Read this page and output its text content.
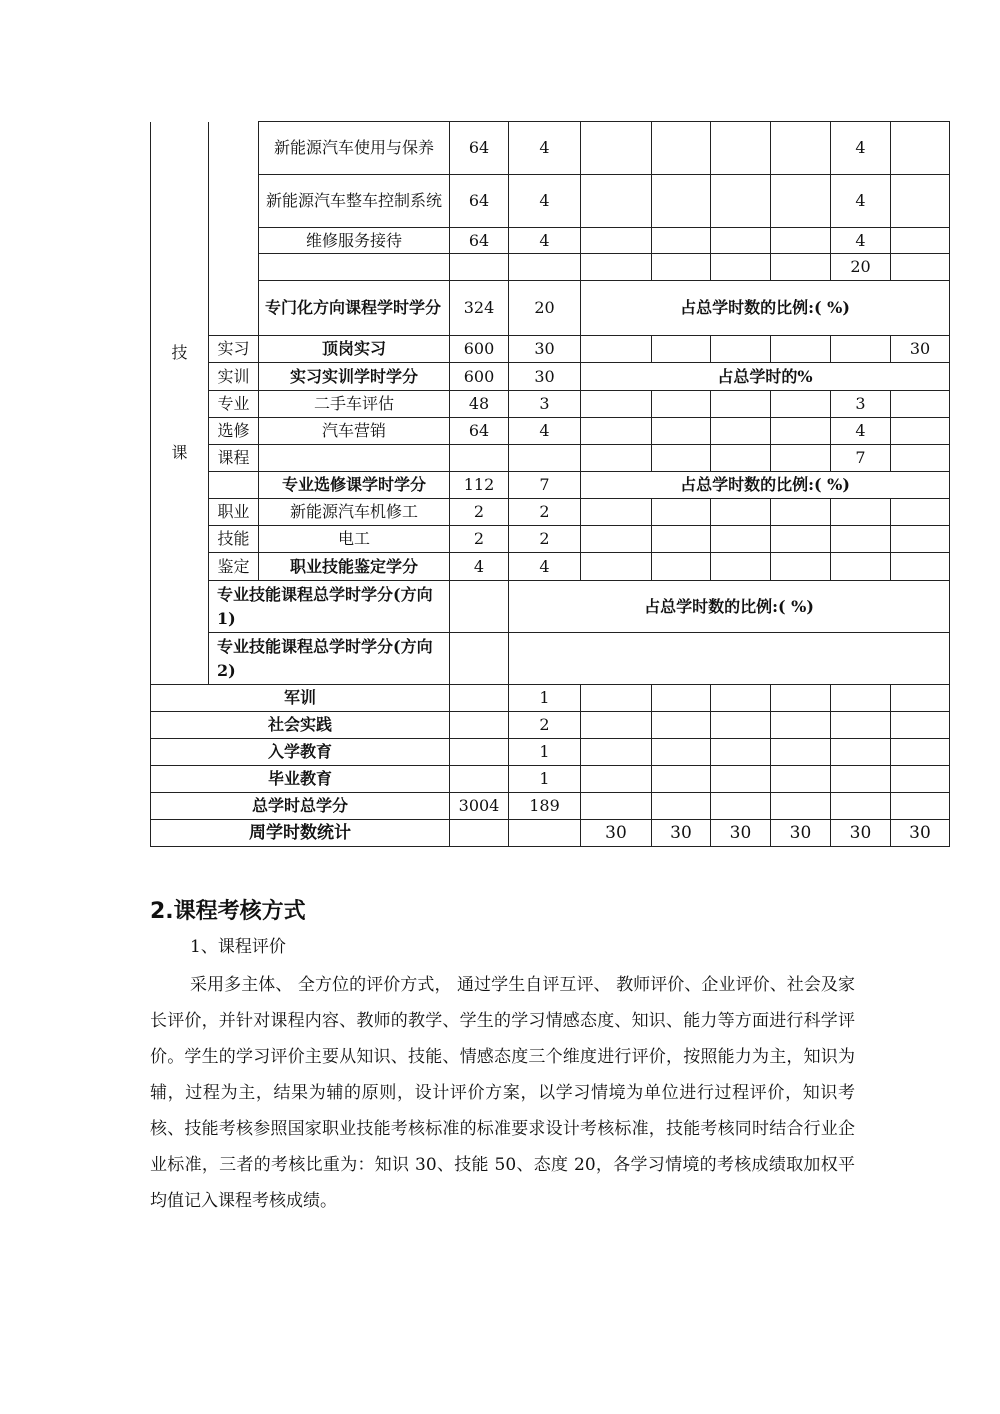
技
课		新能源汽车使用与保养	64	4					4	
		新能源汽车整车控制系统	64	4					4	
		维修服务接待	64	4					4	
									20	
		专门化方向课程学时学分	324	20	占总学时数的比例:( %)					
	实习	顶岗实习	600	30						30
	实训	实习实训学时学分	600	30	占总学时的%					
	专业	二手车评估	48	3					3	
	选修	汽车营销	64	4					4	
	课程								7	
		专业选修课学时学分	112	7	占总学时数的比例:( %)					
	职业	新能源汽车机修工	2	2						
	技能	电工	2	2						
	鉴定	职业技能鉴定学分	4	4						
	专业技能课程总学时学分(方向1)			占总学时数的比例:( %)						
	专业技能课程总学时学分(方向2)									
军训				1						
社会实践				2						
入学教育				1						
毕业教育				1						
总学时总学分			3004	189						
周学时数统计					30	30	30	30	30	30
2.课程考核方式

1、课程评价

采用多主体、 全方位的评价方式， 通过学生自评互评、 教师评价、企业评价、社会及家长评价，并针对课程内容、教师的教学、学生的学习情感态度、知识、能力等方面进行科学评价。学生的学习评价主要从知识、技能、情感态度三个维度进行评价，按照能力为主，知识为辅，过程为主，结果为辅的原则，设计评价方案，以学习情境为单位进行过程评价，知识考核、技能考核参照国家职业技能考核标准的标准要求设计考核标准，技能考核同时结合行业企业标准，三者的考核比重为：知识 30、技能 50、态度 20，各学习情境的考核成绩取加权平均值记入课程考核成绩。
